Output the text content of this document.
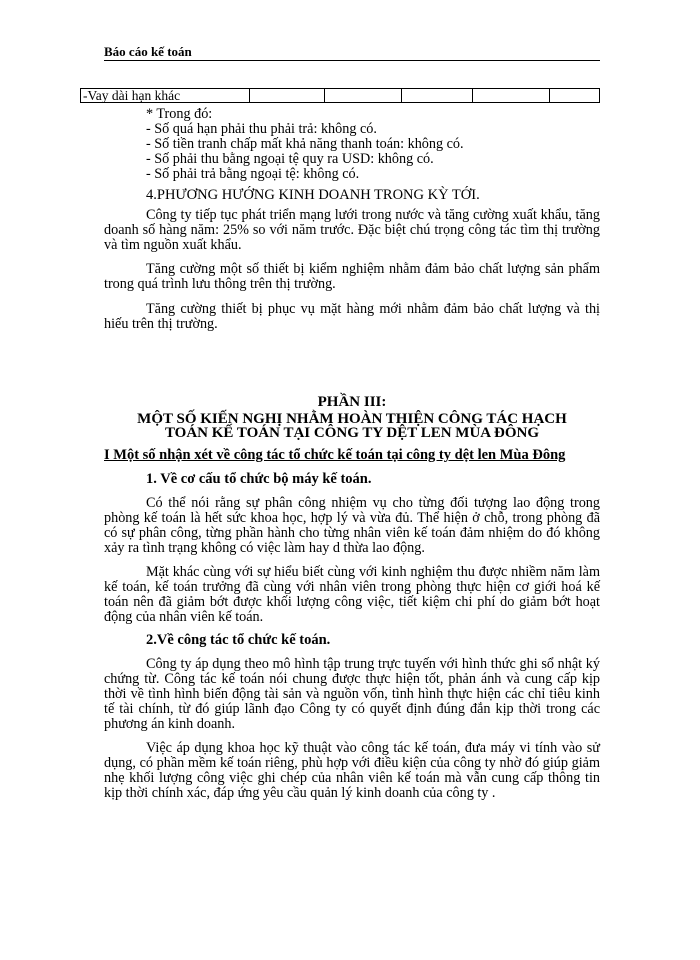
Báo cáo kế toán
-Vay dài hạn khác					
* Trong đó:
- Số quá hạn phải thu phải trả: không có.
- Số tiền tranh chấp mất khả năng thanh toán: không có.
- Số phải thu bằng ngoại tệ quy ra USD: không có.
- Số phải trả bằng ngoại tệ: không có.
4.PHƯƠNG HƯỚNG KINH DOANH TRONG KỲ TỚI.

Công ty tiếp tục phát triển mạng lưới trong nước và tăng cường xuất khẩu, tăng doanh số hàng năm: 25% so với năm trước. Đặc biệt chú trọng công tác tìm thị trường và tìm nguồn xuất khẩu.

Tăng cường một số thiết bị kiểm nghiệm nhằm đảm bảo chất lượng sản phẩm trong quá trình lưu thông trên thị trường.

Tăng cường thiết bị phục vụ mặt hàng mới nhằm đảm bảo chất lượng và thị hiếu trên thị trường.

PHẦN III:
MỘT SỐ KIẾN NGHỊ NHẰM HOÀN THIỆN CÔNG TÁC HẠCH TOÁN KẾ TOÁN TẠI CÔNG TY DỆT LEN MÙA ĐÔNG
I Một số nhận xét về công tác tổ chức kế toán tại công ty dệt len Mùa Đông
1. Về cơ cấu tổ chức bộ máy kế toán.

Có thể nói rằng sự phân công nhiệm vụ cho từng đối tượng lao động trong phòng kế toán là hết sức khoa học, hợp lý và vừa đủ. Thể hiện ở chỗ, trong phòng đã có sự phân công, từng phần hành cho từng nhân viên kế toán đảm nhiệm do đó không xảy ra tình trạng không có việc làm hay d thừa lao động.

Mặt khác cùng với sự hiểu biết cùng với kinh nghiệm thu được nhiềm năm làm kế toán, kế toán trưởng đã cùng với nhân viên trong phòng thực hiện cơ giới hoá kế toán nên đã giảm bớt được khối lượng công việc, tiết kiệm chi phí do giảm bớt hoạt động của nhân viên kế toán.

2.Về công tác tổ chức kế toán.

Công ty áp dụng theo mô hình tập trung trực tuyến với hình thức ghi sổ nhật ký chứng từ. Công tác kế toán nói chung được thực hiện tốt, phản ánh và cung cấp kịp thời về tình hình biến động tài sản và nguồn vốn, tình hình thực hiện các chỉ tiêu kinh tế tài chính, từ đó giúp lãnh đạo Công ty có quyết định đúng đắn kịp thời trong các phương án kinh doanh.

Việc áp dụng khoa học kỹ thuật vào công tác kế toán, đưa máy vi tính vào sử dụng, có phần mềm kế toán riêng, phù hợp với điều kiện của công ty nhờ đó giúp giảm nhẹ khối lượng công việc ghi chép của nhân viên kế toán mà vẫn cung cấp thông tin kịp thời chính xác, đáp ứng yêu cầu quản lý kinh doanh của công ty .
